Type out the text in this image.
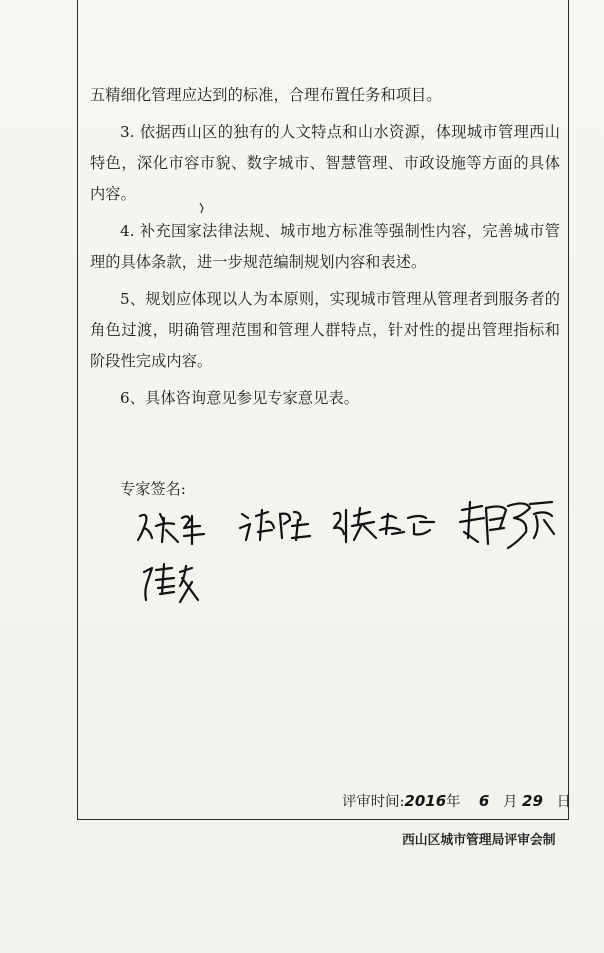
五精细化管理应达到的标准，合理布置任务和项目。

3. 依据西山区的独有的人文特点和山水资源，体现城市管理西山特色，深化市容市貌、数字城市、智慧管理、市政设施等方面的具体内容。

4. 补充国家法律法规、城市地方标准等强制性内容，完善城市管理的具体条款，进一步规范编制规划内容和表述。

5、规划应体现以人为本原则，实现城市管理从管理者到服务者的角色过渡，明确管理范围和管理人群特点，针对性的提出管理指标和阶段性完成内容。

6、具体咨询意见参见专家意见表。

专家签名:
评审时间:2016年 6 月 29 日
西山区城市管理局评审会制
